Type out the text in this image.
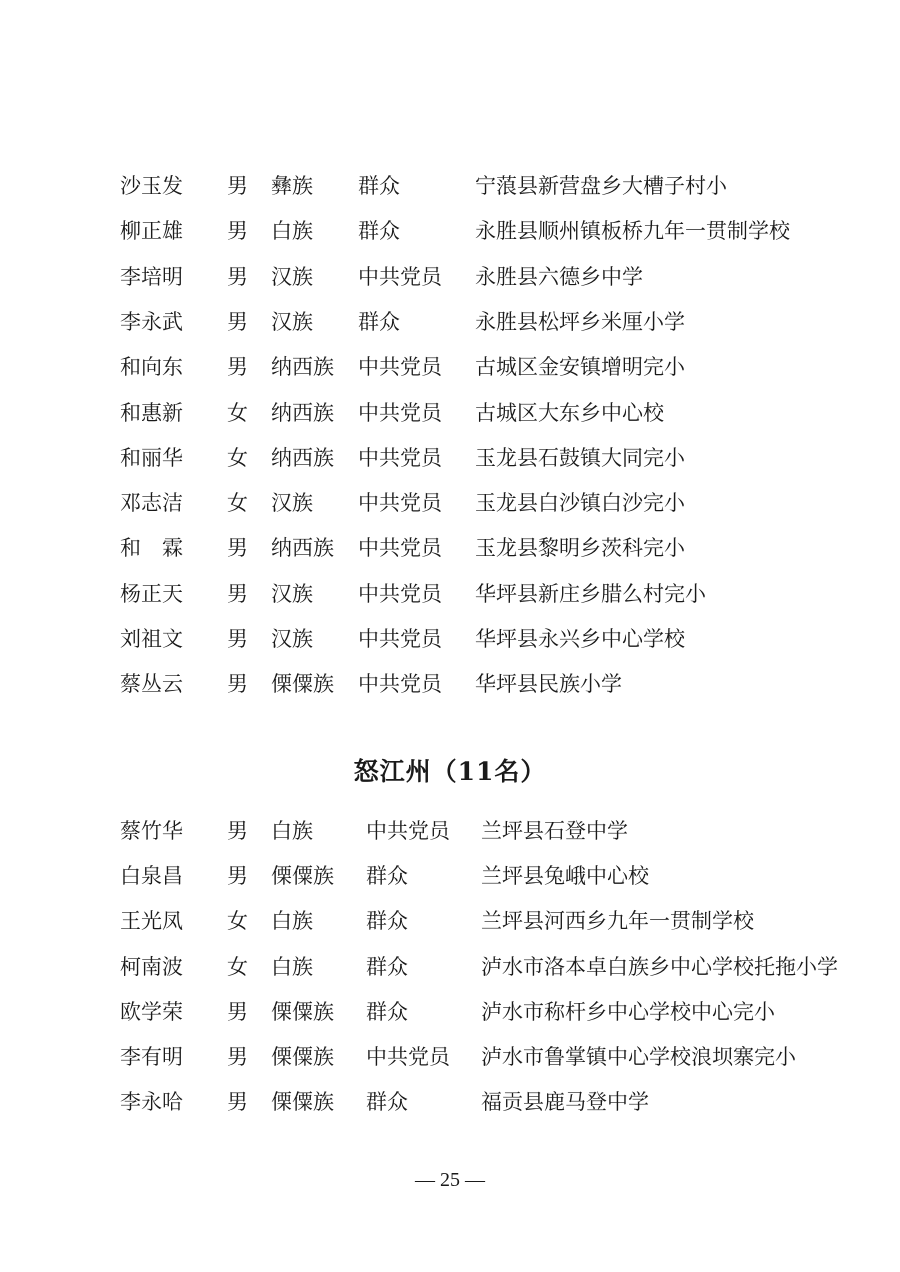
沙玉发 男 彝族 群众	宁蒗县新营盘乡大槽子村小
柳正雄 男 白族 群众	永胜县顺州镇板桥九年一贯制学校
李培明 男 汉族 中共党员 永胜县六德乡中学
李永武 男 汉族 群众	永胜县松坪乡米厘小学
和向东 男 纳西族 中共党员 古城区金安镇增明完小
和惠新 女 纳西族 中共党员 古城区大东乡中心校
和丽华 女 纳西族 中共党员 玉龙县石鼓镇大同完小
邓志洁 女 汉族 中共党员 玉龙县白沙镇白沙完小
和　霖 男 纳西族 中共党员 玉龙县黎明乡茨科完小
杨正天 男 汉族 中共党员 华坪县新庄乡腊么村完小
刘祖文 男 汉族 中共党员 华坪县永兴乡中心学校
蔡丛云 男 傈僳族 中共党员 华坪县民族小学
怒江州（11名）
蔡竹华 男 白族	中共党员 兰坪县石登中学
白泉昌 男 傈僳族 群众	兰坪县兔峨中心校
王光凤 女 白族	群众	兰坪县河西乡九年一贯制学校
柯南波 女 白族	群众	泸水市洛本卓白族乡中心学校托拖小学
欧学荣 男 傈僳族 群众	泸水市称杆乡中心学校中心完小
李有明 男 傈僳族 中共党员 泸水市鲁掌镇中心学校浪坝寨完小
李永哈 男 傈僳族 群众	福贡县鹿马登中学
— 25 —
